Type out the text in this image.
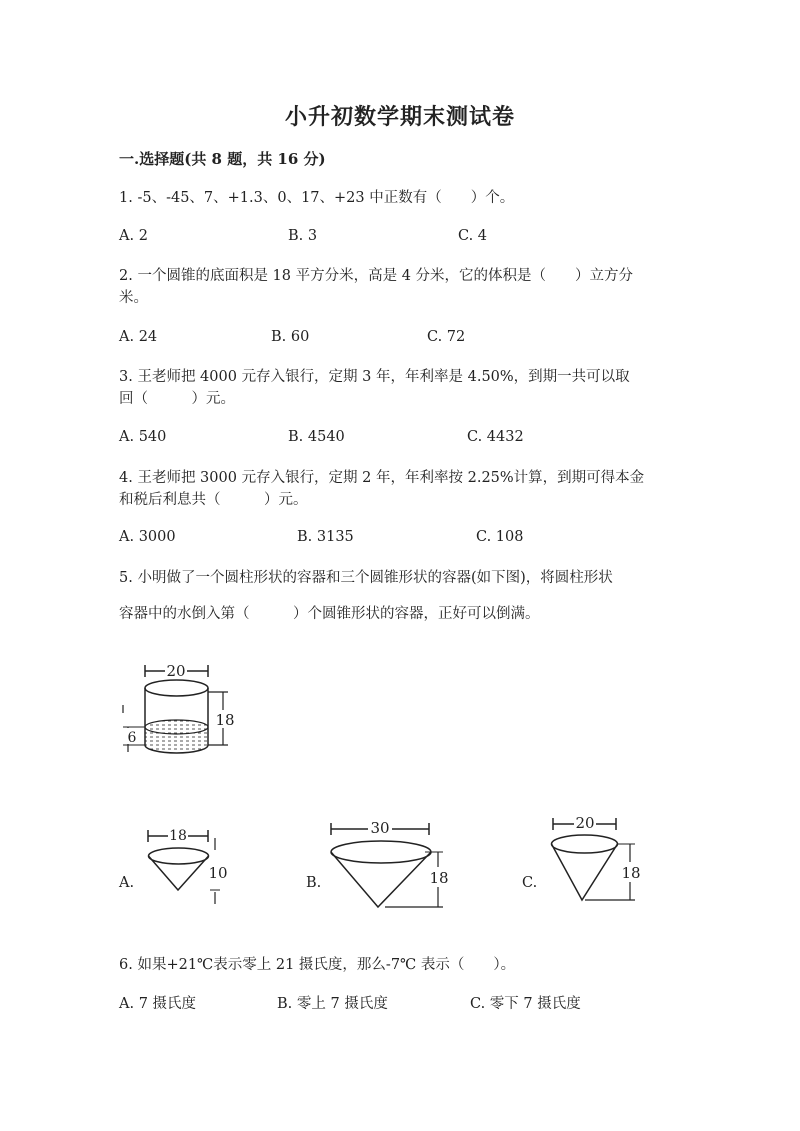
小升初数学期末测试卷
一.选择题(共 8 题，共 16 分)
1. -5、-45、7、+1.3、0、17、+23 中正数有（　　）个。
A. 2	B. 3	C. 4
2. 一个圆锥的底面积是 18 平方分米，高是 4 分米，它的体积是（　　）立方分
米。
A. 24	B. 60	C. 72
3. 王老师把 4000 元存入银行，定期 3 年，年利率是 4.50%，到期一共可以取
回（　　　）元。
A. 540	B. 4540	C. 4432
4. 王老师把 3000 元存入银行，定期 2 年，年利率按 2.25%计算，到期可得本金
和税后利息共（　　　）元。
A. 3000	B. 3135	C. 108
5. 小明做了一个圆柱形状的容器和三个圆锥形状的容器(如下图)，将圆柱形状
容器中的水倒入第（　　　）个圆锥形状的容器，正好可以倒满。
20
18
6
A.
18
10
B.
30
18	C.
20
18
6. 如果+21℃表示零上 21 摄氏度，那么-7℃ 表示（　　）。
A. 7 摄氏度	B. 零上 7 摄氏度	C. 零下 7 摄氏度
